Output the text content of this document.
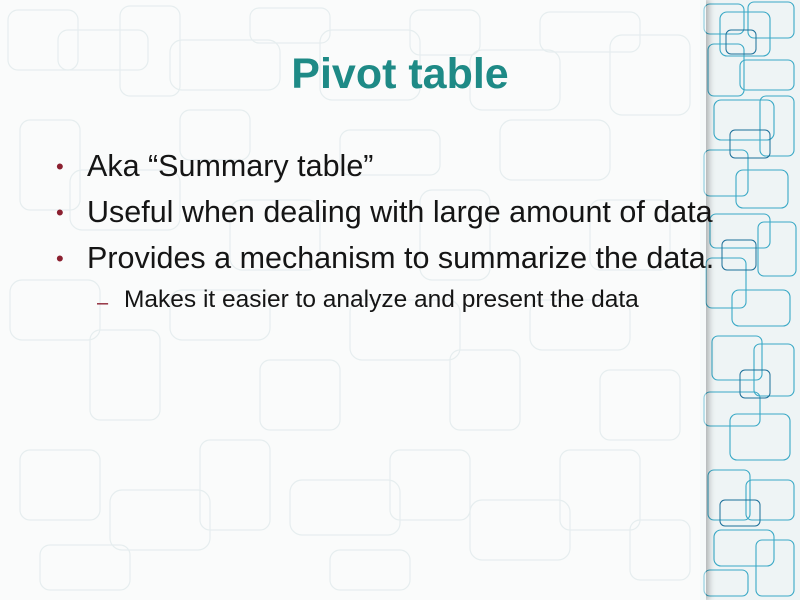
Pivot table
• Aka “Summary table”
• Useful when dealing with large amount of data
• Provides a mechanism to summarize the data.
– Makes it easier to analyze and present the data
